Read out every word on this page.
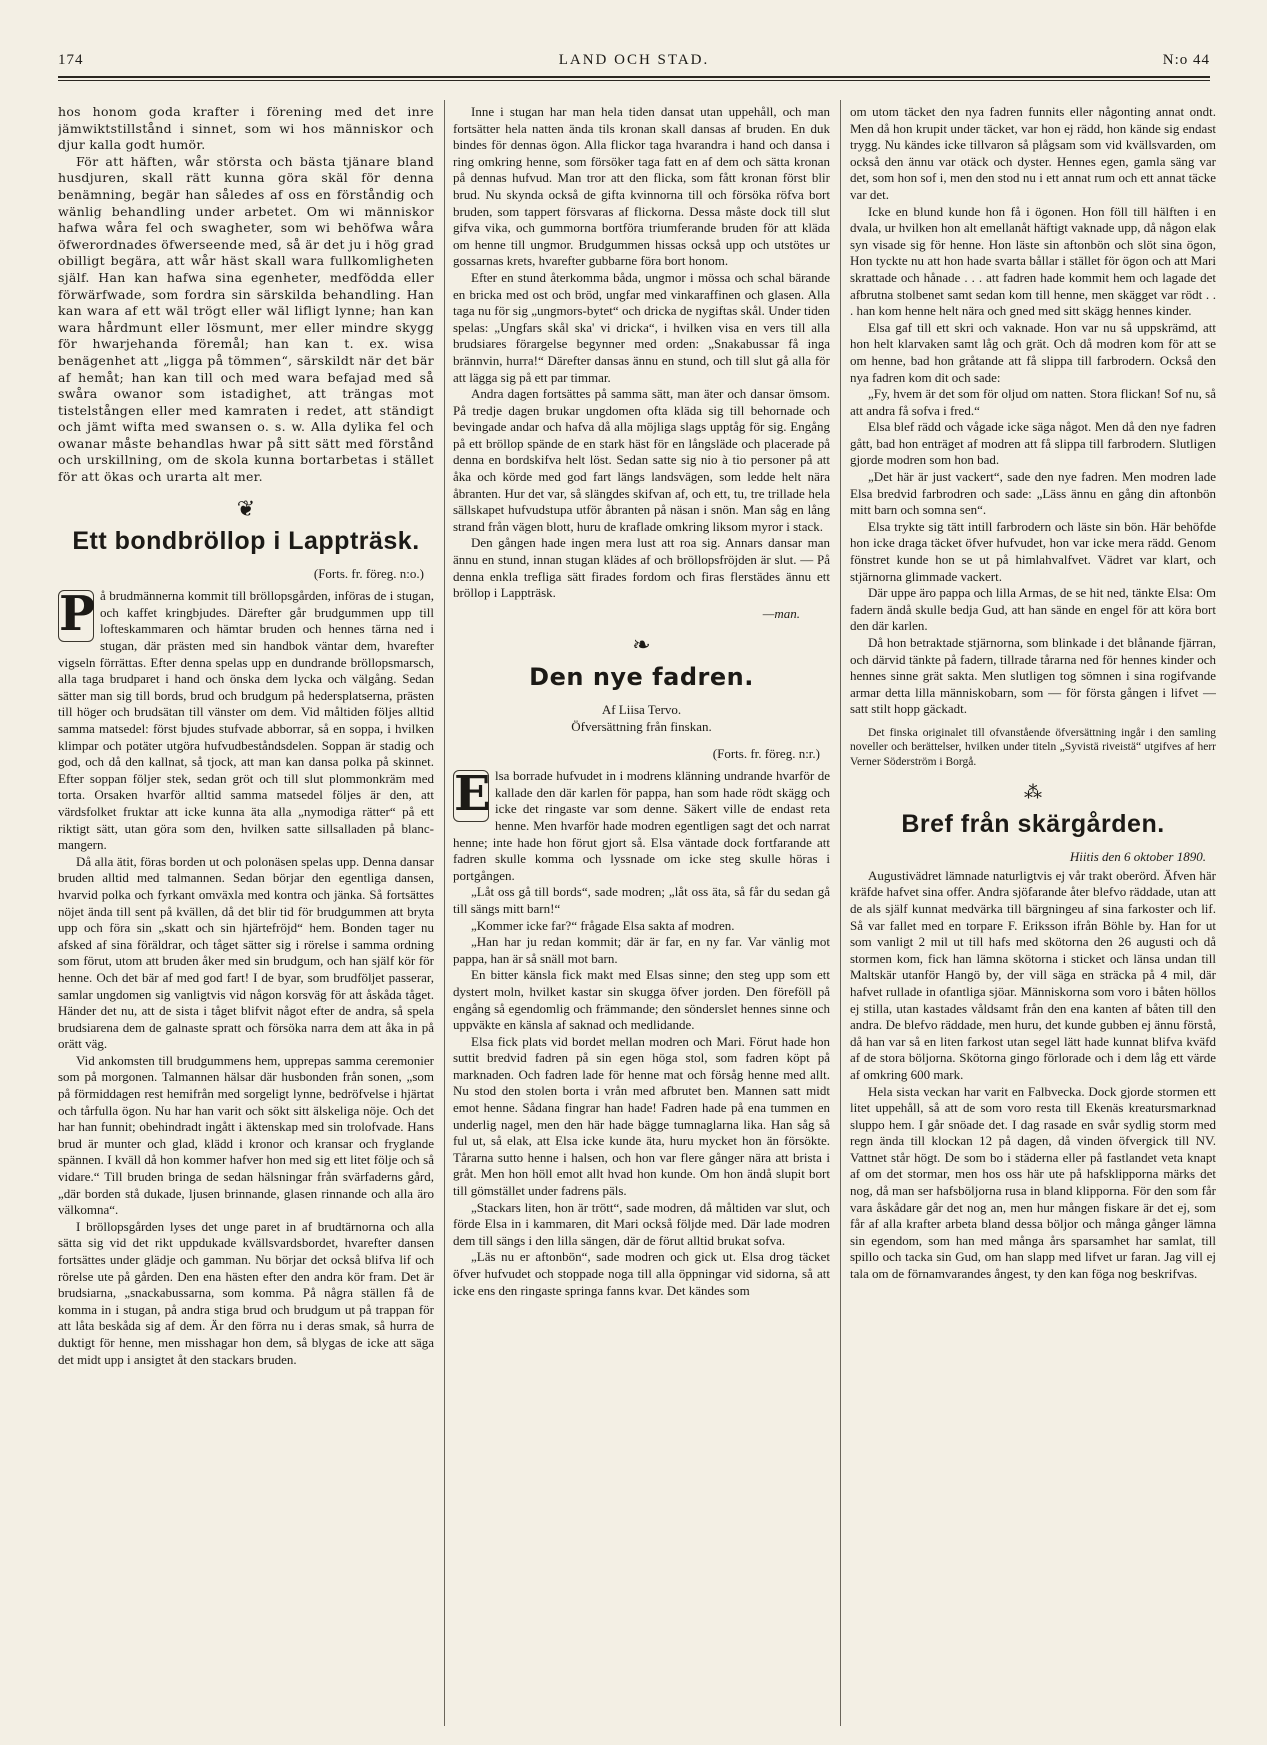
174	LAND OCH STAD.	N:o 44

hos honom goda krafter i förening med det inre jämwiktstillstånd i sinnet, som wi hos människor och djur kalla godt humör.

För att häften, wår största och bästa tjänare bland husdjuren, skall rätt kunna göra skäl för denna benämning, begär han således af oss en förståndig och wänlig behandling under arbetet. Om wi människor hafwa wåra fel och swagheter, som wi behöfwa wåra öfwerordnades öfwerseende med, så är det ju i hög grad obilligt begära, att wår häst skall wara fullkomligheten själf. Han kan hafwa sina egenheter, medfödda eller förwärfwade, som fordra sin särskilda behandling. Han kan wara af ett wäl trögt eller wäl lifligt lynne; han kan wara hårdmunt eller lösmunt, mer eller mindre skygg för hwarjehanda föremål; han kan t. ex. wisa benägenhet att „ligga på tömmen“, särskildt när det bär af hemåt; han kan till och med wara befajad med så swåra owanor som istadighet, att trängas mot tistelstången eller med kamraten i redet, att ständigt och jämt wifta med swansen o. s. w. Alla dylika fel och owanar måste behandlas hwar på sitt sätt med förstånd och urskillning, om de skola kunna bortarbetas i stället för att ökas och urarta alt mer.

❦
Ett bondbröllop i Lappträsk.
(Forts. fr. föreg. n:o.)
P å brudmännerna kommit till bröllopsgården, införas de i stugan, och kaffet kringbjudes. Därefter går brudgummen upp till lofteskammaren och hämtar bruden och hennes tärna ned i stugan, där prästen med sin handbok väntar dem, hvarefter vigseln förrättas. Efter denna spelas upp en dundrande bröllopsmarsch, alla taga brudparet i hand och önska dem lycka och välgång. Sedan sätter man sig till bords, brud och brudgum på hedersplatserna, prästen till höger och brudsätan till vänster om dem. Vid måltiden följes alltid samma matsedel: först bjudes stufvade abborrar, så en soppa, i hvilken klimpar och potäter utgöra hufvudbeståndsdelen. Soppan är stadig och god, och då den kallnat, så tjock, att man kan dansa polka på skinnet. Efter soppan följer stek, sedan gröt och till slut plommonkräm med torta. Orsaken hvarför alltid samma matsedel följes är den, att värdsfolket fruktar att icke kunna äta alla „nymodiga rätter“ på ett riktigt sätt, utan göra som den, hvilken satte sillsalladen på blanc-mangern.

Då alla ätit, föras borden ut och polonäsen spelas upp. Denna dansar bruden alltid med talmannen. Sedan börjar den egentliga dansen, hvarvid polka och fyrkant omväxla med kontra och jänka. Så fortsättes nöjet ända till sent på kvällen, då det blir tid för brudgummen att bryta upp och föra sin „skatt och sin hjärtefröjd“ hem. Bonden tager nu afsked af sina föräldrar, och tåget sätter sig i rörelse i samma ordning som förut, utom att bruden åker med sin brudgum, och han själf kör för henne. Och det bär af med god fart! I de byar, som brudföljet passerar, samlar ungdomen sig vanligtvis vid någon korsväg för att åskåda tåget. Händer det nu, att de sista i tåget blifvit något efter de andra, så spela brudsiarena dem de galnaste spratt och försöka narra dem att åka in på orätt väg.

Vid ankomsten till brudgummens hem, upprepas samma ceremonier som på morgonen. Talmannen hälsar där husbonden från sonen, „som på förmiddagen rest hemifrån med sorgeligt lynne, bedröfvelse i hjärtat och tårfulla ögon. Nu har han varit och sökt sitt älskeliga nöje. Och det har han funnit; obehindradt ingått i äktenskap med sin trolofvade. Hans brud är munter och glad, klädd i kronor och kransar och fryglande spännen. I kväll då hon kommer hafver hon med sig ett litet följe och så vidare.“ Till bruden bringa de sedan hälsningar från svärfaderns gård, „där borden stå dukade, ljusen brinnande, glasen rinnande och alla äro välkomna“.

I bröllopsgården lyses det unge paret in af brudtärnorna och alla sätta sig vid det rikt uppdukade kvällsvardsbordet, hvarefter dansen fortsättes under glädje och gamman. Nu börjar det också blifva lif och rörelse ute på gården. Den ena hästen efter den andra kör fram. Det är brudsiarna, „snackabussarna, som komma. På några ställen få de komma in i stugan, på andra stiga brud och brudgum ut på trappan för att låta beskåda sig af dem. Är den förra nu i deras smak, så hurra de duktigt för henne, men misshagar hon dem, så blygas de icke att säga det midt upp i ansigtet åt den stackars bruden.

Inne i stugan har man hela tiden dansat utan uppehåll, och man fortsätter hela natten ända tils kronan skall dansas af bruden. En duk bindes för dennas ögon. Alla flickor taga hvarandra i hand och dansa i ring omkring henne, som försöker taga fatt en af dem och sätta kronan på dennas hufvud. Man tror att den flicka, som fått kronan först blir brud. Nu skynda också de gifta kvinnorna till och försöka röfva bort bruden, som tappert försvaras af flickorna. Dessa måste dock till slut gifva vika, och gummorna bortföra triumferande bruden för att kläda om henne till ungmor. Brudgummen hissas också upp och utstötes ur gossarnas krets, hvarefter gubbarne föra bort honom.

Efter en stund återkomma båda, ungmor i mössa och schal bärande en bricka med ost och bröd, ungfar med vinkaraffinen och glasen. Alla taga nu för sig „ungmors-bytet“ och dricka de nygiftas skål. Under tiden spelas: „Ungfars skål ska' vi dricka“, i hvilken visa en vers till alla brudsiares förargelse begynner med orden: „Snakabussar få inga brännvin, hurra!“ Därefter dansas ännu en stund, och till slut gå alla för att lägga sig på ett par timmar.

Andra dagen fortsättes på samma sätt, man äter och dansar ömsom. På tredje dagen brukar ungdomen ofta kläda sig till behornade och bevingade andar och hafva då alla möjliga slags upptåg för sig. Engång på ett bröllop spände de en stark häst för en långsläde och placerade på denna en bordskifva helt löst. Sedan satte sig nio à tio personer på att åka och körde med god fart längs landsvägen, som ledde helt nära åbranten. Hur det var, så slängdes skifvan af, och ett, tu, tre trillade hela sällskapet hufvudstupa utför åbranten på näsan i snön. Man såg en lång strand från vägen blott, huru de kraflade omkring liksom myror i stack.

Den gången hade ingen mera lust att roa sig. Annars dansar man ännu en stund, innan stugan klädes af och bröllopsfröjden är slut. — På denna enkla trefliga sätt firades fordom och firas flerstädes ännu ett bröllop i Lappträsk.

—man.
❧
Den nye fadren.
Af Liisa Tervo.
Öfversättning från finskan.
(Forts. fr. föreg. n:r.)
E lsa borrade hufvudet in i modrens klänning undrande hvarför de kallade den där karlen för pappa, han som hade rödt skägg och icke det ringaste var som denne. Säkert ville de endast reta henne. Men hvarför hade modren egentligen sagt det och narrat henne; inte hade hon förut gjort så. Elsa väntade dock fortfarande att fadren skulle komma och lyssnade om icke steg skulle höras i portgången.

„Låt oss gå till bords“, sade modren; „låt oss äta, så får du sedan gå till sängs mitt barn!“

„Kommer icke far?“ frågade Elsa sakta af modren.

„Han har ju redan kommit; där är far, en ny far. Var vänlig mot pappa, han är så snäll mot barn.

En bitter känsla fick makt med Elsas sinne; den steg upp som ett dystert moln, hvilket kastar sin skugga öfver jorden. Den föreföll på engång så egendomlig och främmande; den sönderslet hennes sinne och uppväkte en känsla af saknad och medlidande.

Elsa fick plats vid bordet mellan modren och Mari. Förut hade hon suttit bredvid fadren på sin egen höga stol, som fadren köpt på marknaden. Och fadren lade för henne mat och försåg henne med allt. Nu stod den stolen borta i vrån med afbrutet ben. Mannen satt midt emot henne. Sådana fingrar han hade! Fadren hade på ena tummen en underlig nagel, men den här hade bägge tumnaglarna lika. Han såg så ful ut, så elak, att Elsa icke kunde äta, huru mycket hon än försökte. Tårarna sutto henne i halsen, och hon var flere gånger nära att brista i gråt. Men hon höll emot allt hvad hon kunde. Om hon ändå slupit bort till gömstället under fadrens päls.

„Stackars liten, hon är trött“, sade modren, då måltiden var slut, och förde Elsa in i kammaren, dit Mari också följde med. Där lade modren dem till sängs i den lilla sängen, där de förut alltid brukat sofva.

„Läs nu er aftonbön“, sade modren och gick ut. Elsa drog täcket öfver hufvudet och stoppade noga till alla öppningar vid sidorna, så att icke ens den ringaste springa fanns kvar. Det kändes som

om utom täcket den nya fadren funnits eller någonting annat ondt. Men då hon krupit under täcket, var hon ej rädd, hon kände sig endast trygg. Nu kändes icke tillvaron så plågsam som vid kvällsvarden, om också den ännu var otäck och dyster. Hennes egen, gamla säng var det, som hon sof i, men den stod nu i ett annat rum och ett annat täcke var det.

Icke en blund kunde hon få i ögonen. Hon föll till hälften i en dvala, ur hvilken hon alt emellanåt häftigt vaknade upp, då någon elak syn visade sig för henne. Hon läste sin aftonbön och slöt sina ögon, Hon tyckte nu att hon hade svarta bållar i stället för ögon och att Mari skrattade och hånade . . . att fadren hade kommit hem och lagade det afbrutna stolbenet samt sedan kom till henne, men skägget var rödt . . . han kom henne helt nära och gned med sitt skägg hennes kinder.

Elsa gaf till ett skri och vaknade. Hon var nu så uppskrämd, att hon helt klarvaken samt låg och grät. Och då modren kom för att se om henne, bad hon gråtande att få slippa till farbrodern. Också den nya fadren kom dit och sade:

„Fy, hvem är det som för oljud om natten. Stora flickan! Sof nu, så att andra få sofva i fred.“

Elsa blef rädd och vågade icke säga något. Men då den nye fadren gått, bad hon enträget af modren att få slippa till farbrodern. Slutligen gjorde modren som hon bad.

„Det här är just vackert“, sade den nye fadren. Men modren lade Elsa bredvid farbrodren och sade: „Läss ännu en gång din aftonbön mitt barn och somna sen“.

Elsa trykte sig tätt intill farbrodern och läste sin bön. Här behöfde hon icke draga täcket öfver hufvudet, hon var icke mera rädd. Genom fönstret kunde hon se ut på himlahvalfvet. Vädret var klart, och stjärnorna glimmade vackert.

Där uppe äro pappa och lilla Armas, de se hit ned, tänkte Elsa: Om fadern ändå skulle bedja Gud, att han sände en engel för att köra bort den där karlen.

Då hon betraktade stjärnorna, som blinkade i det blånande fjärran, och därvid tänkte på fadern, tillrade tårarna ned för hennes kinder och hennes sinne grät sakta. Men slutligen tog sömnen i sina rogifvande armar detta lilla människobarn, som — för första gången i lifvet — satt stilt hopp gäckadt.

Det finska originalet till ofvanstående öfversättning ingår i den samling noveller och berättelser, hvilken under titeln „Syvistä riveistä“ utgifves af herr Verner Söderström i Borgå.

⁂
Bref från skärgården.
Hiitis den 6 oktober 1890.

Augustivädret lämnade naturligtvis ej vår trakt oberörd. Äfven här kräfde hafvet sina offer. Andra sjöfarande åter blefvo räddade, utan att de als själf kunnat medvärka till bärgningeu af sina farkoster och lif. Så var fallet med en torpare F. Eriksson ifrån Böhle by. Han for ut som vanligt 2 mil ut till hafs med skötorna den 26 augusti och då stormen kom, fick han lämna skötorna i sticket och länsa undan till Maltskär utanför Hangö by, der vill säga en sträcka på 4 mil, där hafvet rullade in ofantliga sjöar. Människorna som voro i båten höllos ej stilla, utan kastades våldsamt från den ena kanten af båten till den andra. De blefvo räddade, men huru, det kunde gubben ej ännu förstå, då han var så en liten farkost utan segel lätt hade kunnat blifva kväfd af de stora böljorna. Skötorna gingo förlorade och i dem låg ett värde af omkring 600 mark.

Hela sista veckan har varit en Falbvecka. Dock gjorde stormen ett litet uppehåll, så att de som voro resta till Ekenäs kreatursmarknad sluppo hem. I går snöade det. I dag rasade en svår sydlig storm med regn ända till klockan 12 på dagen, då vinden öfvergick till NV. Vattnet står högt. De som bo i städerna eller på fastlandet veta knapt af om det stormar, men hos oss här ute på hafsklipporna märks det nog, då man ser hafsböljorna rusa in bland klipporna. För den som får vara åskådare går det nog an, men hur mången fiskare är det ej, som får af alla krafter arbeta bland dessa böljor och många gånger lämna sin egendom, som han med många års sparsamhet har samlat, till spillo och tacka sin Gud, om han slapp med lifvet ur faran. Jag vill ej tala om de förnamvarandes ångest, ty den kan föga nog beskrifvas.
